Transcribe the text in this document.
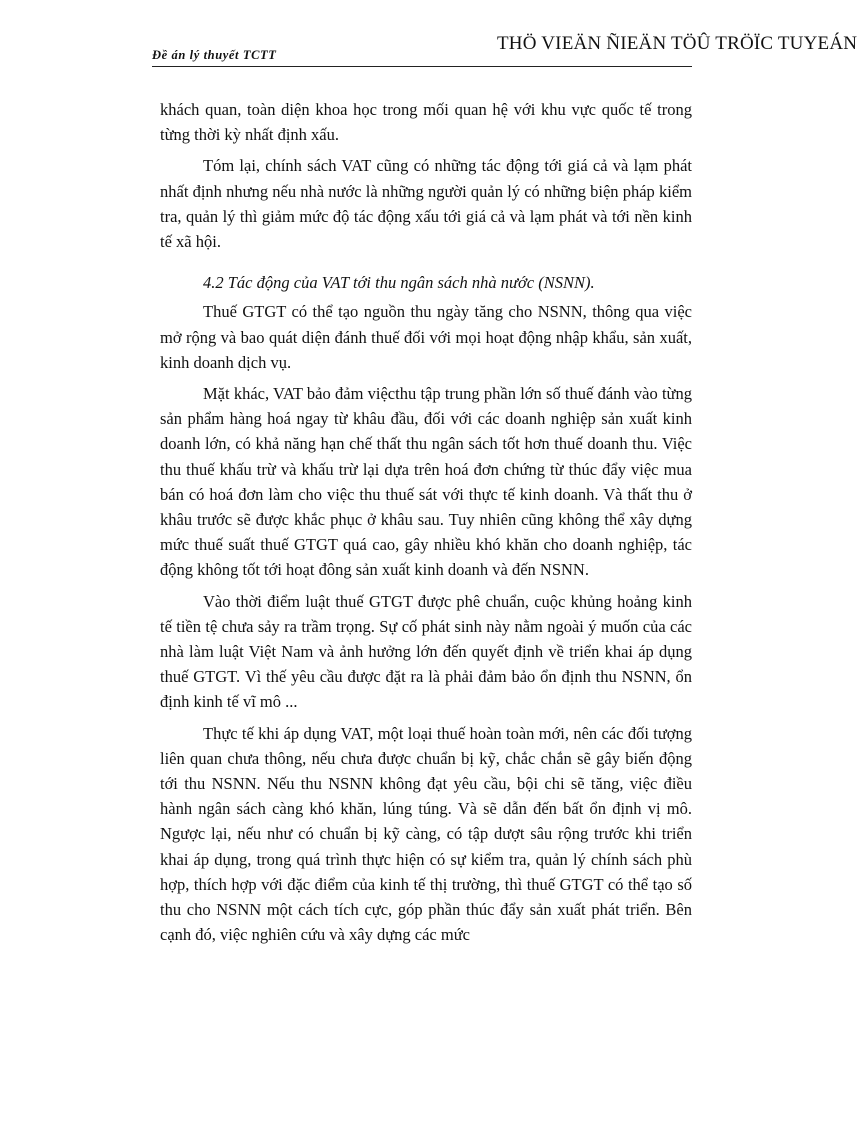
Đề án lý thuyết TCTT
THÖ VIEÄN ÑIEÄN TÖÛ TRÖÏC TUYEÁN

khách quan, toàn diện khoa học trong mối quan hệ với khu vực quốc tế trong từng thời kỳ nhất định xấu.

Tóm lại, chính sách VAT cũng có những tác động tới giá cả và lạm phát nhất định nhưng nếu nhà nước là những người quản lý có những biện pháp kiểm tra, quản lý thì giảm mức độ tác động xấu tới giá cả và lạm phát và tới nền kinh tế xã hội.

4.2 Tác động của VAT tới thu ngân sách nhà nước (NSNN).

Thuế GTGT có thể tạo nguồn thu ngày tăng cho NSNN, thông qua việc mở rộng và bao quát diện đánh thuế đối với mọi hoạt động nhập khẩu, sản xuất, kinh doanh dịch vụ.

Mặt khác, VAT bảo đảm việcthu tập trung phần lớn số thuế đánh vào từng sản phẩm hàng hoá ngay từ khâu đầu, đối với các doanh nghiệp sản xuất kinh doanh lớn, có khả năng hạn chế thất thu ngân sách tốt hơn thuế doanh thu. Việc thu thuế khấu trừ và khấu trừ lại dựa trên hoá đơn chứng từ thúc đẩy việc mua bán có hoá đơn làm cho việc thu thuế sát với thực tế kinh doanh. Và thất thu ở khâu trước sẽ được khắc phục ở khâu sau. Tuy nhiên cũng không thể xây dựng mức thuế suất thuế GTGT quá cao, gây nhiều khó khăn cho doanh nghiệp, tác động không tốt tới hoạt đông sản xuất kinh doanh và đến NSNN.

Vào thời điểm luật thuế GTGT được phê chuẩn, cuộc khủng hoảng kinh tế tiền tệ chưa sảy ra trầm trọng. Sự cố phát sinh này nằm ngoài ý muốn của các nhà làm luật Việt Nam và ảnh hưởng lớn đến quyết định về triển khai áp dụng thuế GTGT. Vì thế yêu cầu được đặt ra là phải đảm bảo ổn định thu NSNN, ổn định kinh tế vĩ mô ...

Thực tế khi áp dụng VAT, một loại thuế hoàn toàn mới, nên các đối tượng liên quan chưa thông, nếu chưa được chuẩn bị kỹ, chắc chắn sẽ gây biến động tới thu NSNN. Nếu thu NSNN không đạt yêu cầu, bội chi sẽ tăng, việc điều hành ngân sách càng khó khăn, lúng túng. Và sẽ dẫn đến bất ổn định vị mô. Ngược lại, nếu như có chuẩn bị kỹ càng, có tập dượt sâu rộng trước khi triển khai áp dụng, trong quá trình thực hiện có sự kiểm tra, quản lý chính sách phù hợp, thích hợp với đặc điểm của kinh tế thị trường, thì thuế GTGT có thể tạo số thu cho NSNN một cách tích cực, góp phần thúc đẩy sản xuất phát triển. Bên cạnh đó, việc nghiên cứu và xây dựng các mức
